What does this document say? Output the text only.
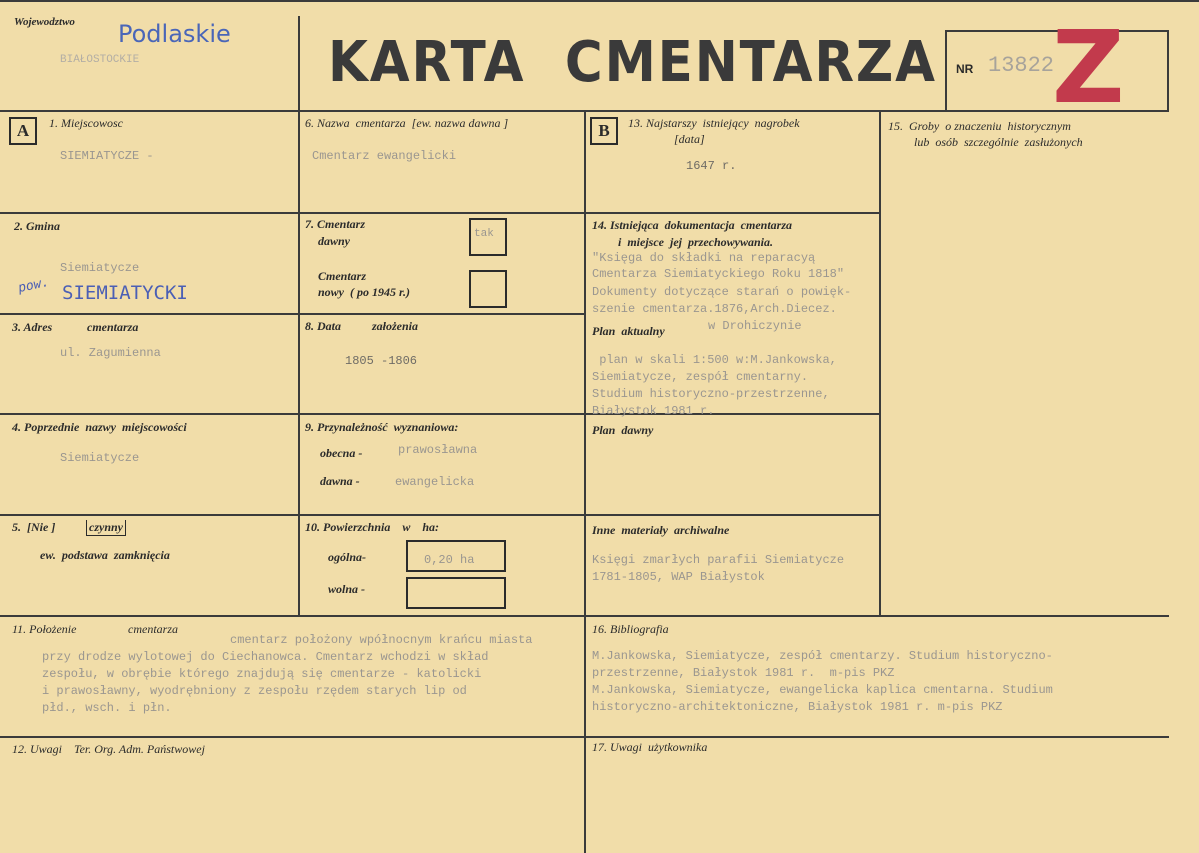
Wojewodztwo Podlaskie
BIAŁOSTOCKIE	KARTA  CMENTARZA NR 13822
Z
A	B
1. Miejscowosc
SIEMIATYCZE -
2. Gmina
Siemiatycze
pow. SIEMIATYCKI
3. Adres	cmentarza
ul. Zagumienna
4. Poprzednie  nazwy  miejscowości
Siemiatycze
5.  [Nie ]	czynny
ew.  podstawa  zamknięcia
6. Nazwa  cmentarza  [ew. nazwa dawna ]
Cmentarz ewangelicki
7. Cmentarz
dawny	tak
Cmentarz
nowy  ( po 1945 r.)
8. Data	założenia
1805 -1806
9. Przynależność  wyznaniowa:
obecna -	prawosławna
dawna -	ewangelicka
10. Powierzchnia    w    ha:
ogólna-	0,20 ha
wolna -
11. Położenie	cmentarza
cmentarz położony wpółnocnym krańcu miasta
przy drodze wylotowej do Ciechanowca. Cmentarz wchodzi w skład
zespołu, w obrębie którego znajdują się cmentarze - katolicki
i prawosławny, wyodrębniony z zespołu rzędem starych lip od
płd., wsch. i płn.
12. Uwagi    Ter. Org. Adm. Państwowej
13. Najstarszy  istniejący  nagrobek
[data]
1647 r.
14. Istniejąca  dokumentacja  cmentarza
i  miejsce  jej  przechowywania.
"Księga do składki na reparacyą
Cmentarza Siemiatyckiego Roku 1818"
Dokumenty dotyczące starań o powięk-
szenie cmentarza.1876,Arch.Diecez.
Plan  aktualny	w Drohiczynie
plan w skali 1:500 w:M.Jankowska,
Siemiatycze, zespół cmentarny.
Studium historyczno-przestrzenne,
Białystok 1981 r.
Plan  dawny
Inne  materiały  archiwalne
Księgi zmarłych parafii Siemiatycze
1781-1805, WAP Białystok
15.  Groby  o znaczeniu  historycznym
lub  osób  szczególnie  zasłużonych
16. Bibliografia
M.Jankowska, Siemiatycze, zespół cmentarzy. Studium historyczno-
przestrzenne, Białystok 1981 r.  m-pis PKZ
M.Jankowska, Siemiatycze, ewangelicka kaplica cmentarna. Studium
historyczno-architektoniczne, Białystok 1981 r. m-pis PKZ
17. Uwagi  użytkownika
